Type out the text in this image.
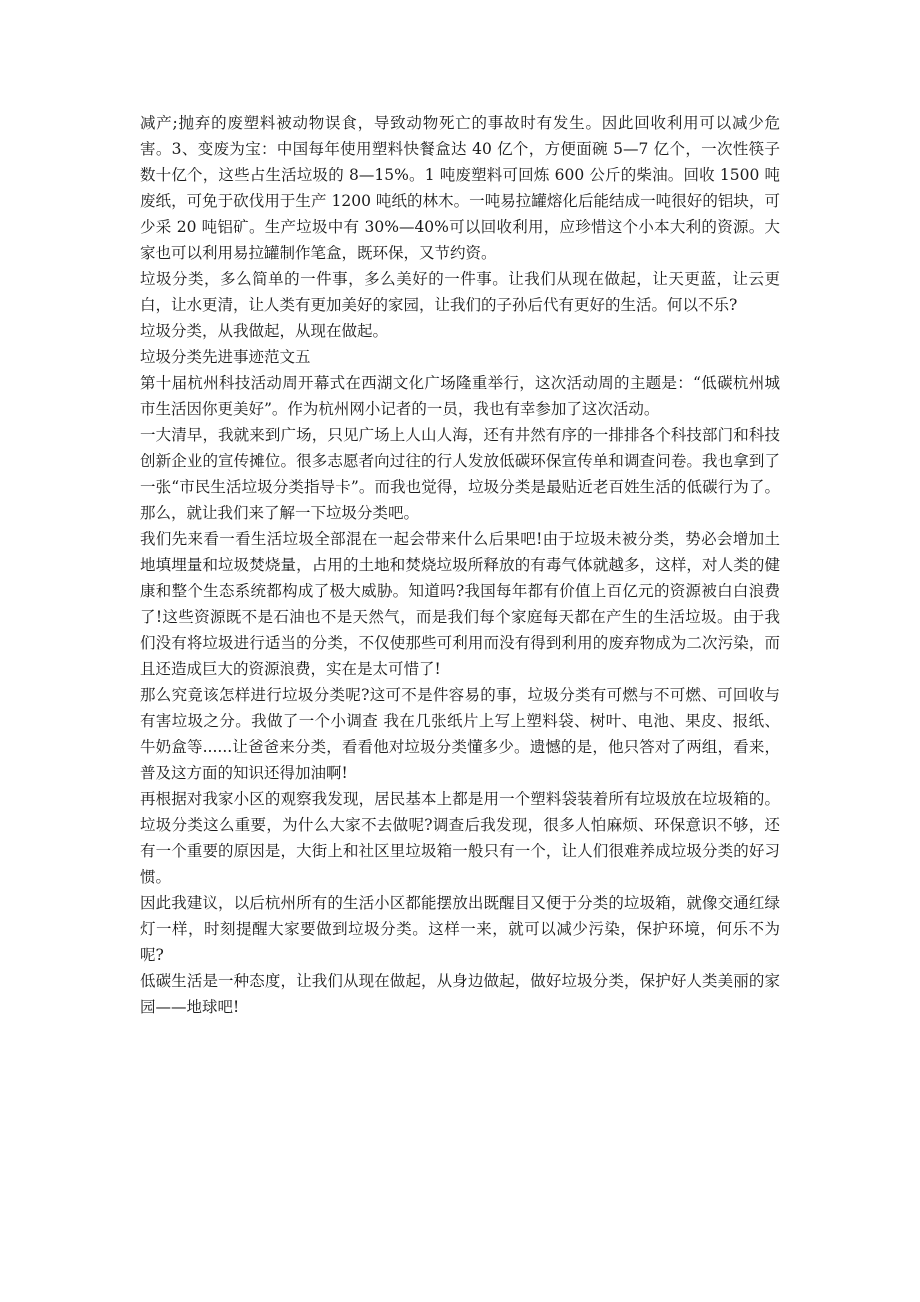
减产;抛弃的废塑料被动物误食，导致动物死亡的事故时有发生。因此回收利用可以减少危害。3、变废为宝：中国每年使用塑料快餐盒达 40 亿个，方便面碗 5—7 亿个，一次性筷子数十亿个，这些占生活垃圾的 8—15%。1 吨废塑料可回炼 600 公斤的柴油。回收 1500 吨废纸，可免于砍伐用于生产 1200 吨纸的林木。一吨易拉罐熔化后能结成一吨很好的铝块，可少采 20 吨铝矿。生产垃圾中有 30%—40%可以回收利用，应珍惜这个小本大利的资源。大家也可以利用易拉罐制作笔盒，既环保，又节约资。

垃圾分类，多么简单的一件事，多么美好的一件事。让我们从现在做起，让天更蓝，让云更白，让水更清，让人类有更加美好的家园，让我们的子孙后代有更好的生活。何以不乐?

垃圾分类，从我做起，从现在做起。

垃圾分类先进事迹范文五

第十届杭州科技活动周开幕式在西湖文化广场隆重举行，这次活动周的主题是：“低碳杭州城市生活因你更美好”。作为杭州网小记者的一员，我也有幸参加了这次活动。

一大清早，我就来到广场，只见广场上人山人海，还有井然有序的一排排各个科技部门和科技创新企业的宣传摊位。很多志愿者向过往的行人发放低碳环保宣传单和调查问卷。我也拿到了一张“市民生活垃圾分类指导卡”。而我也觉得，垃圾分类是最贴近老百姓生活的低碳行为了。那么，就让我们来了解一下垃圾分类吧。

我们先来看一看生活垃圾全部混在一起会带来什么后果吧!由于垃圾未被分类，势必会增加土地填埋量和垃圾焚烧量，占用的土地和焚烧垃圾所释放的有毒气体就越多，这样，对人类的健康和整个生态系统都构成了极大威胁。知道吗?我国每年都有价值上百亿元的资源被白白浪费了!这些资源既不是石油也不是天然气，而是我们每个家庭每天都在产生的生活垃圾。由于我们没有将垃圾进行适当的分类，不仅使那些可利用而没有得到利用的废弃物成为二次污染，而且还造成巨大的资源浪费，实在是太可惜了!

那么究竟该怎样进行垃圾分类呢?这可不是件容易的事，垃圾分类有可燃与不可燃、可回收与有害垃圾之分。我做了一个小调查 我在几张纸片上写上塑料袋、树叶、电池、果皮、报纸、牛奶盒等......让爸爸来分类，看看他对垃圾分类懂多少。遗憾的是，他只答对了两组，看来，普及这方面的知识还得加油啊!

再根据对我家小区的观察我发现，居民基本上都是用一个塑料袋装着所有垃圾放在垃圾箱的。垃圾分类这么重要，为什么大家不去做呢?调查后我发现，很多人怕麻烦、环保意识不够，还有一个重要的原因是，大街上和社区里垃圾箱一般只有一个，让人们很难养成垃圾分类的好习惯。

因此我建议，以后杭州所有的生活小区都能摆放出既醒目又便于分类的垃圾箱，就像交通红绿灯一样，时刻提醒大家要做到垃圾分类。这样一来，就可以减少污染，保护环境，何乐不为呢?

低碳生活是一种态度，让我们从现在做起，从身边做起，做好垃圾分类，保护好人类美丽的家园——地球吧!
